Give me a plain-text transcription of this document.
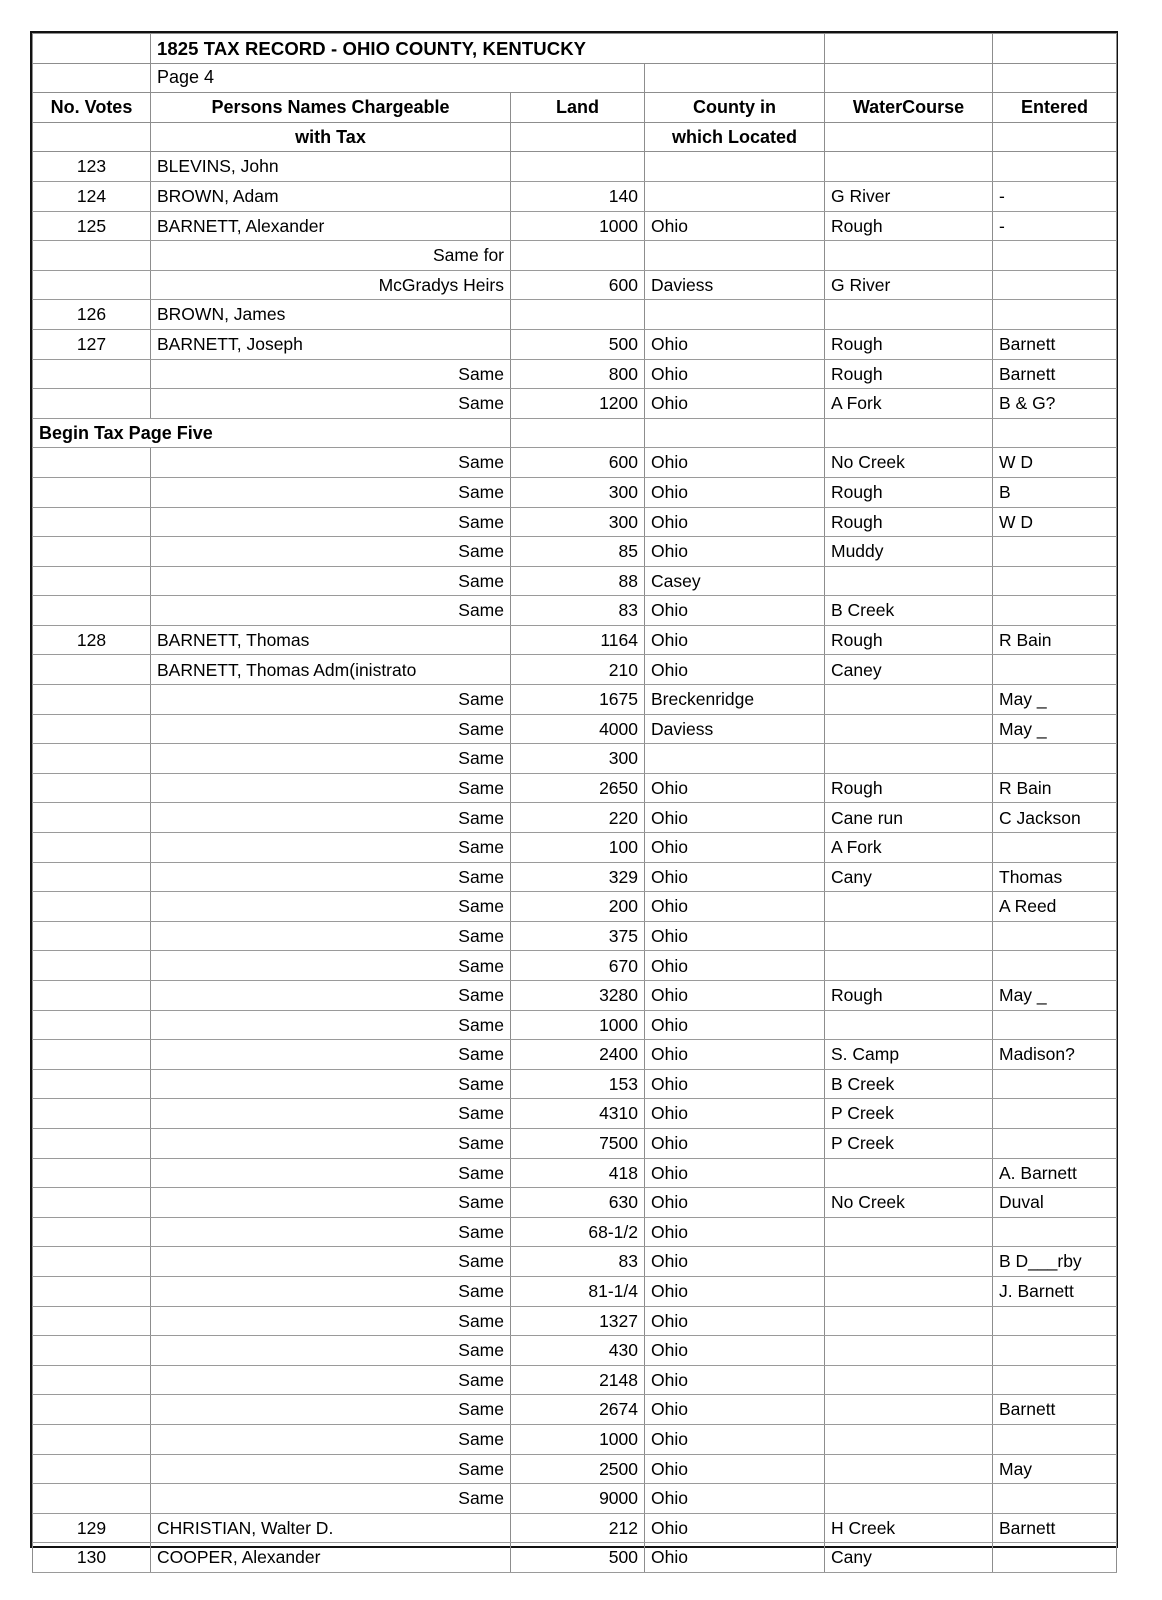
	1825 TAX RECORD - OHIO COUNTY, KENTUCKY				
	Page 4				
No. Votes	Persons Names Chargeable	Land	County in	WaterCourse	Entered
	with Tax		which Located		
123	BLEVINS, John				
124	BROWN, Adam	140		G River	-
125	BARNETT, Alexander	1000	Ohio	Rough	-
	Same for				
	McGradys Heirs	600	Daviess	G River	
126	BROWN, James				
127	BARNETT, Joseph	500	Ohio	Rough	Barnett
	Same	800	Ohio	Rough	Barnett
	Same	1200	Ohio	A Fork	B & G?
Begin Tax Page Five					
	Same	600	Ohio	No Creek	W D
	Same	300	Ohio	Rough	B
	Same	300	Ohio	Rough	W D
	Same	85	Ohio	Muddy	
	Same	88	Casey		
	Same	83	Ohio	B Creek	
128	BARNETT, Thomas	1164	Ohio	Rough	R Bain
	BARNETT, Thomas Adm(inistrato	210	Ohio	Caney	
	Same	1675	Breckenridge		May _
	Same	4000	Daviess		May _
	Same	300			
	Same	2650	Ohio	Rough	R Bain
	Same	220	Ohio	Cane run	C Jackson
	Same	100	Ohio	A Fork	
	Same	329	Ohio	Cany	Thomas
	Same	200	Ohio		A Reed
	Same	375	Ohio		
	Same	670	Ohio		
	Same	3280	Ohio	Rough	May _
	Same	1000	Ohio		
	Same	2400	Ohio	S. Camp	Madison?
	Same	153	Ohio	B Creek	
	Same	4310	Ohio	P Creek	
	Same	7500	Ohio	P Creek	
	Same	418	Ohio		A. Barnett
	Same	630	Ohio	No Creek	Duval
	Same	68-1/2	Ohio		
	Same	83	Ohio		B D___rby
	Same	81-1/4	Ohio		J. Barnett
	Same	1327	Ohio		
	Same	430	Ohio		
	Same	2148	Ohio		
	Same	2674	Ohio		Barnett
	Same	1000	Ohio		
	Same	2500	Ohio		May
	Same	9000	Ohio		
129	CHRISTIAN, Walter D.	212	Ohio	H Creek	Barnett
130	COOPER, Alexander	500	Ohio	Cany	
